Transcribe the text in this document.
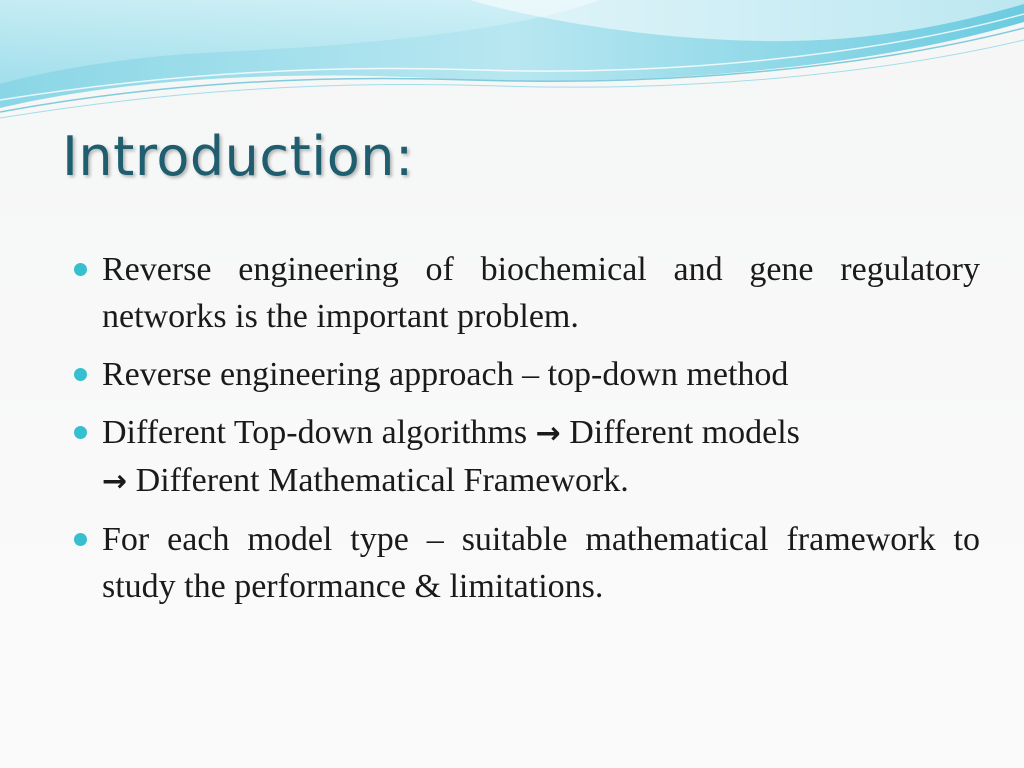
Introduction:
Reverse engineering of biochemical and gene regulatory networks is the important problem.
Reverse engineering approach – top-down method
Different Top-down algorithms → Different models
→ Different Mathematical Framework.
For each model type – suitable mathematical framework to study the performance & limitations.
